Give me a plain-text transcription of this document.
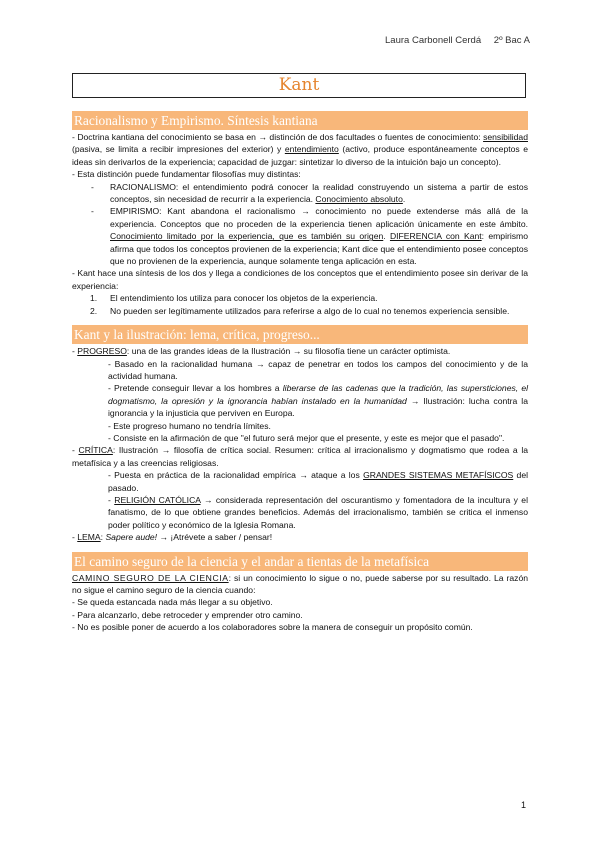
Laura Carbonell Cerdá 2º Bac A
Kant
Racionalismo y Empirismo. Síntesis kantiana

- Doctrina kantiana del conocimiento se basa en → distinción de dos facultades o fuentes de conocimiento: sensibilidad (pasiva, se limita a recibir impresiones del exterior) y entendimiento (activo, produce espontáneamente conceptos e ideas sin derivarlos de la experiencia; capacidad de juzgar: sintetizar lo diverso de la intuición bajo un concepto).

- Esta distinción puede fundamentar filosofías muy distintas:

- RACIONALISMO: el entendimiento podrá conocer la realidad construyendo un sistema a partir de estos conceptos, sin necesidad de recurrir a la experiencia. Conocimiento absoluto.
- EMPIRISMO: Kant abandona el racionalismo → conocimiento no puede extenderse más allá de la experiencia. Conceptos que no proceden de la experiencia tienen aplicación únicamente en este ámbito. Conocimiento limitado por la experiencia, que es también su origen. DIFERENCIA con Kant: empirismo afirma que todos los conceptos provienen de la experiencia; Kant dice que el entendimiento posee conceptos que no provienen de la experiencia, aunque solamente tenga aplicación en esta.

- Kant hace una síntesis de los dos y llega a condiciones de los conceptos que el entendimiento posee sin derivar de la experiencia:

1. El entendimiento los utiliza para conocer los objetos de la experiencia.
2. No pueden ser legítimamente utilizados para referirse a algo de lo cual no tenemos experiencia sensible.
Kant y la ilustración: lema, crítica, progreso...

- PROGRESO: una de las grandes ideas de la Ilustración → su filosofía tiene un carácter optimista.

- Basado en la racionalidad humana → capaz de penetrar en todos los campos del conocimiento y de la actividad humana.

- Pretende conseguir llevar a los hombres a liberarse de las cadenas que la tradición, las supersticiones, el dogmatismo, la opresión y la ignorancia habían instalado en la humanidad → Ilustración: lucha contra la ignorancia y la injusticia que perviven en Europa.

- Este progreso humano no tendría límites.

- Consiste en la afirmación de que "el futuro será mejor que el presente, y este es mejor que el pasado".

- CRÍTICA: Ilustración → filosofía de crítica social. Resumen: crítica al irracionalismo y dogmatismo que rodea a la metafísica y a las creencias religiosas.

- Puesta en práctica de la racionalidad empírica → ataque a los GRANDES SISTEMAS METAFÍSICOS del pasado.

- RELIGIÓN CATÓLICA → considerada representación del oscurantismo y fomentadora de la incultura y el fanatismo, de lo que obtiene grandes beneficios. Además del irracionalismo, también se critica el inmenso poder político y económico de la Iglesia Romana.

- LEMA: Sapere aude! → ¡Atrévete a saber / pensar!

El camino seguro de la ciencia y el andar a tientas de la metafísica

CAMINO SEGURO DE LA CIENCIA: si un conocimiento lo sigue o no, puede saberse por su resultado. La razón no sigue el camino seguro de la ciencia cuando:

- Se queda estancada nada más llegar a su objetivo.

- Para alcanzarlo, debe retroceder y emprender otro camino.

- No es posible poner de acuerdo a los colaboradores sobre la manera de conseguir un propósito común.

1
